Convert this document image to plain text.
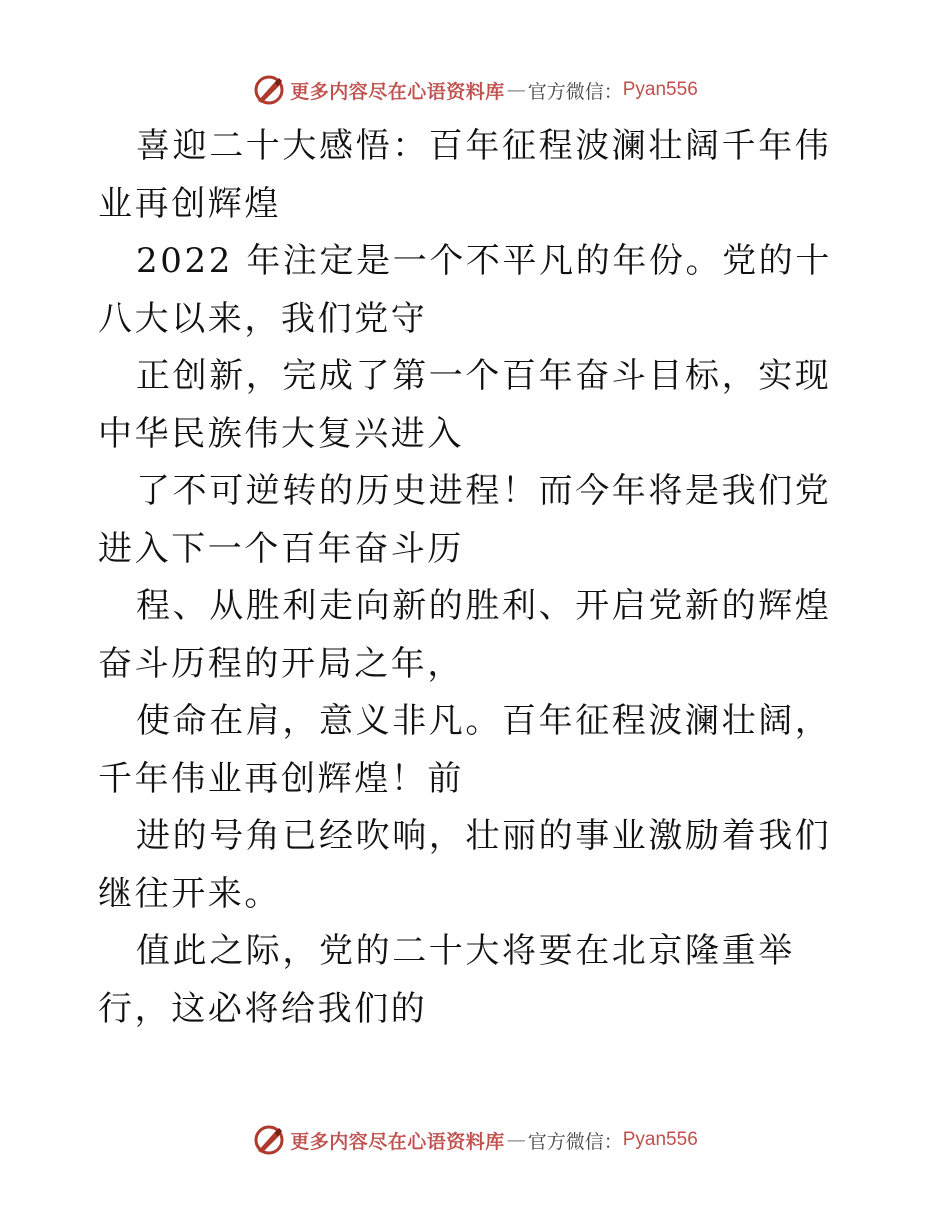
更多内容尽在心语资料库 — 官方微信： Pyan556

喜迎二十大感悟：百年征程波澜壮阔千年伟业再创辉煌

2022 年注定是一个不平凡的年份。党的十八大以来，我们党守

正创新，完成了第一个百年奋斗目标，实现中华民族伟大复兴进入

了不可逆转的历史进程！而今年将是我们党进入下一个百年奋斗历

程、从胜利走向新的胜利、开启党新的辉煌奋斗历程的开局之年，

使命在肩，意义非凡。百年征程波澜壮阔，千年伟业再创辉煌！前

进的号角已经吹响，壮丽的事业激励着我们继往开来。

值此之际，党的二十大将要在北京隆重举行，这必将给我们的

更多内容尽在心语资料库 — 官方微信： Pyan556
